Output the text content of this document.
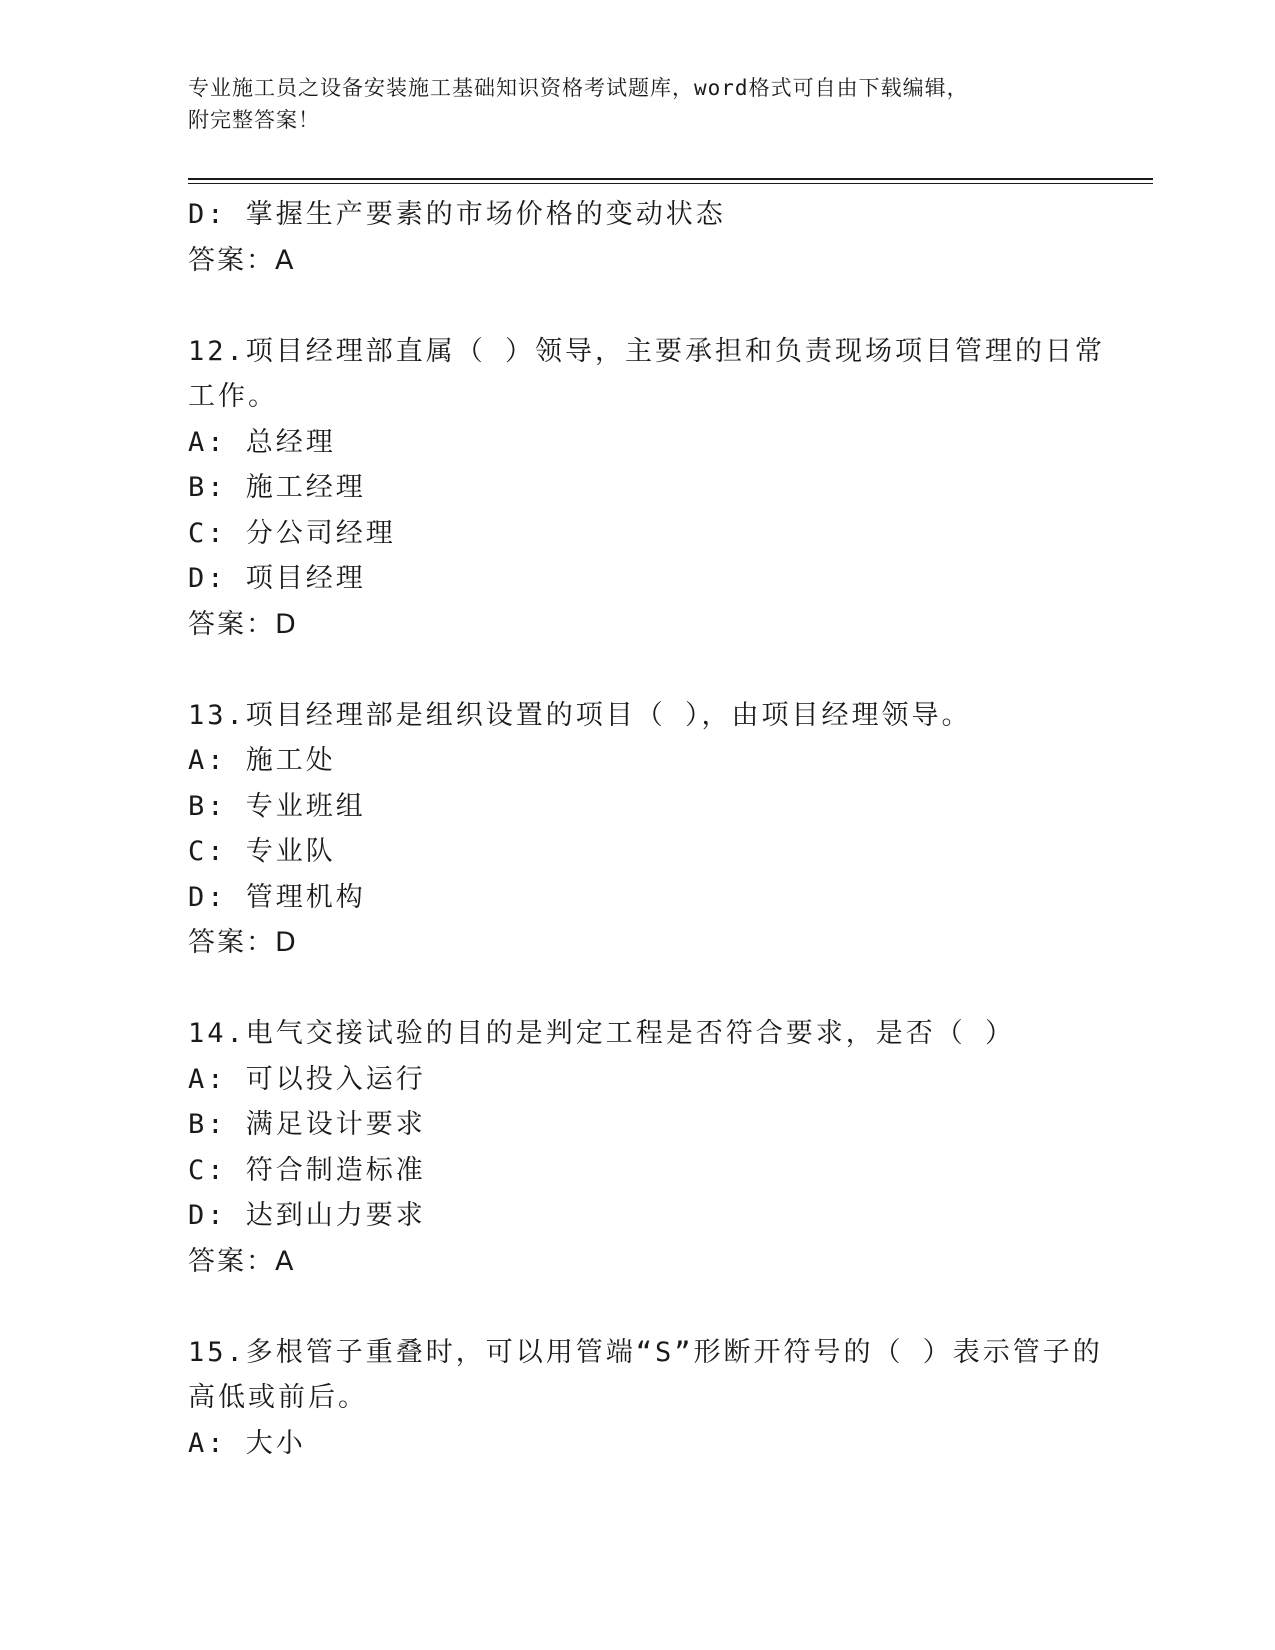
专业施工员之设备安装施工基础知识资格考试题库，word格式可自由下载编辑，
附完整答案！
D: 掌握生产要素的市场价格的变动状态
答案：A
12.项目经理部直属（ ）领导，主要承担和负责现场项目管理的日常
工作。
A: 总经理
B: 施工经理
C: 分公司经理
D: 项目经理
答案：D
13.项目经理部是组织设置的项目（ ），由项目经理领导。
A: 施工处
B: 专业班组
C: 专业队
D: 管理机构
答案：D
14.电气交接试验的目的是判定工程是否符合要求，是否（ ）
A: 可以投入运行
B: 满足设计要求
C: 符合制造标准
D: 达到山力要求
答案：A
15.多根管子重叠时，可以用管端“S”形断开符号的（ ）表示管子的
高低或前后。
A: 大小
